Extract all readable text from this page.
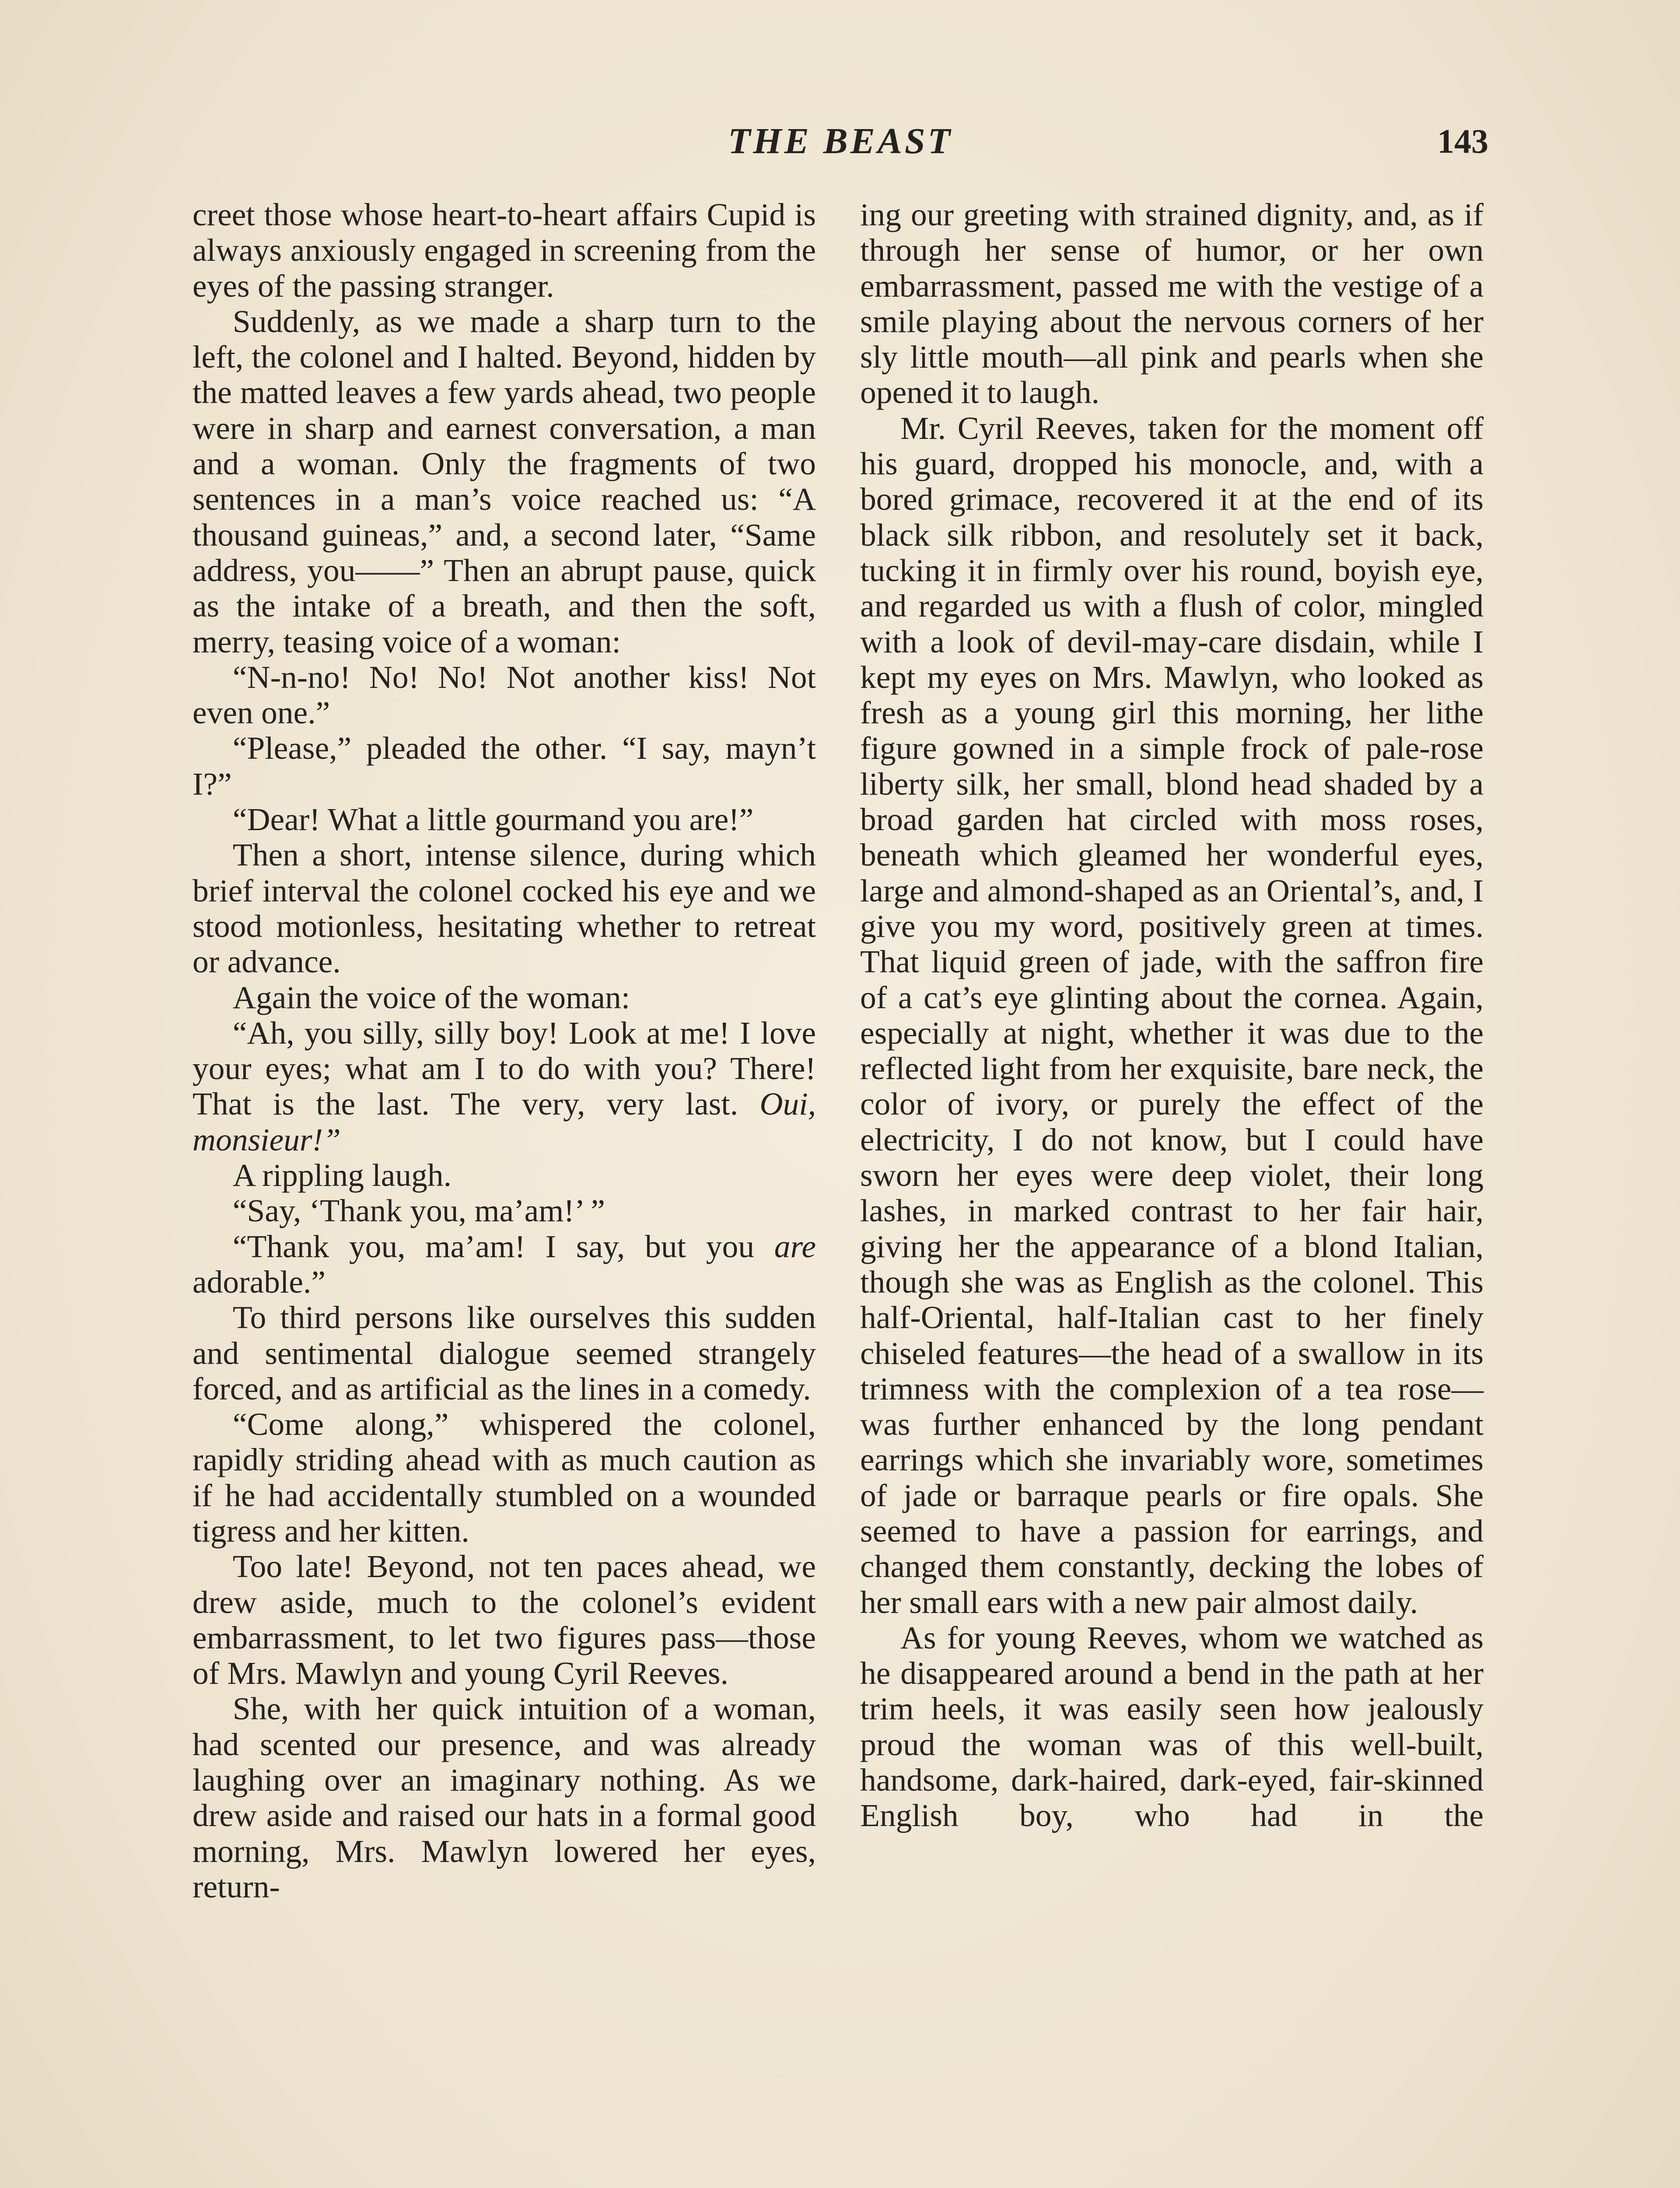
THE BEAST	143

creet those whose heart-to-heart affairs Cupid is always anxiously engaged in screening from the eyes of the passing stranger.

Suddenly, as we made a sharp turn to the left, the colonel and I halted. Beyond, hidden by the matted leaves a few yards ahead, two people were in sharp and earnest conversation, a man and a woman. Only the fragments of two sentences in a man’s voice reached us: “A thousand guineas,” and, a second later, “Same address, you——” Then an abrupt pause, quick as the intake of a breath, and then the soft, merry, teasing voice of a woman:

“N-n-no! No! No! Not another kiss! Not even one.”

“Please,” pleaded the other. “I say, mayn’t I?”

“Dear! What a little gourmand you are!”

Then a short, intense silence, during which brief interval the colonel cocked his eye and we stood motionless, hesitating whether to retreat or advance.

Again the voice of the woman:

“Ah, you silly, silly boy! Look at me! I love your eyes; what am I to do with you? There! That is the last. The very, very last. Oui, monsieur!”

A rippling laugh.

“Say, ‘Thank you, ma’am!’ ”

“Thank you, ma’am! I say, but you are adorable.”

To third persons like ourselves this sudden and sentimental dialogue seemed strangely forced, and as artificial as the lines in a comedy.

“Come along,” whispered the colonel, rapidly striding ahead with as much caution as if he had accidentally stumbled on a wounded tigress and her kitten.

Too late! Beyond, not ten paces ahead, we drew aside, much to the colonel’s evident embarrassment, to let two figures pass—those of Mrs. Mawlyn and young Cyril Reeves.

She, with her quick intuition of a woman, had scented our presence, and was already laughing over an imaginary nothing. As we drew aside and raised our hats in a formal good morning, Mrs. Mawlyn lowered her eyes, return-

ing our greeting with strained dignity, and, as if through her sense of humor, or her own embarrassment, passed me with the vestige of a smile playing about the nervous corners of her sly little mouth—all pink and pearls when she opened it to laugh.

Mr. Cyril Reeves, taken for the moment off his guard, dropped his monocle, and, with a bored grimace, recovered it at the end of its black silk ribbon, and resolutely set it back, tucking it in firmly over his round, boyish eye, and regarded us with a flush of color, mingled with a look of devil-may-care disdain, while I kept my eyes on Mrs. Mawlyn, who looked as fresh as a young girl this morning, her lithe figure gowned in a simple frock of pale-rose liberty silk, her small, blond head shaded by a broad garden hat circled with moss roses, beneath which gleamed her wonderful eyes, large and almond-shaped as an Oriental’s, and, I give you my word, positively green at times. That liquid green of jade, with the saffron fire of a cat’s eye glinting about the cornea. Again, especially at night, whether it was due to the reflected light from her exquisite, bare neck, the color of ivory, or purely the effect of the electricity, I do not know, but I could have sworn her eyes were deep violet, their long lashes, in marked contrast to her fair hair, giving her the appearance of a blond Italian, though she was as English as the colonel. This half-Oriental, half-Italian cast to her finely chiseled features—the head of a swallow in its trimness with the complexion of a tea rose—was further enhanced by the long pendant earrings which she invariably wore, sometimes of jade or barraque pearls or fire opals. She seemed to have a passion for earrings, and changed them constantly, decking the lobes of her small ears with a new pair almost daily.

As for young Reeves, whom we watched as he disappeared around a bend in the path at her trim heels, it was easily seen how jealously proud the woman was of this well-built, handsome, dark-haired, dark-eyed, fair-skinned English boy, who had in the
